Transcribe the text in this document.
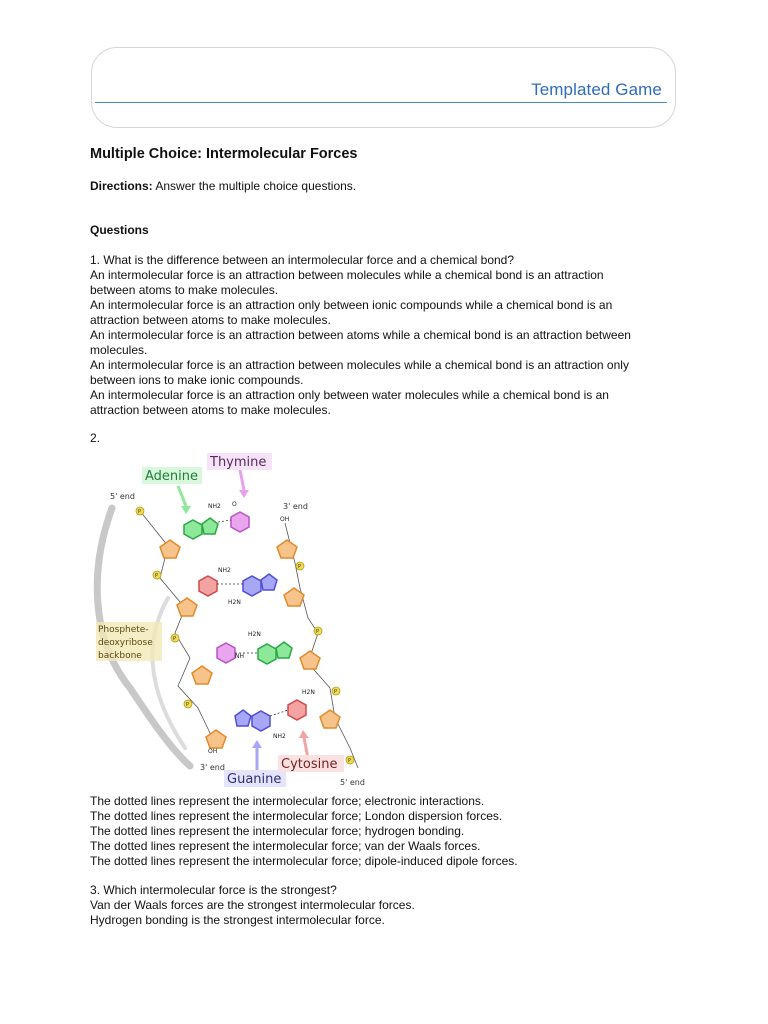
Templated Game
Multiple Choice: Intermolecular Forces
Directions: Answer the multiple choice questions.
Questions
1. What is the difference between an intermolecular force and a chemical bond?
An intermolecular force is an attraction between molecules while a chemical bond is an attraction
between atoms to make molecules.
An intermolecular force is an attraction only between ionic compounds while a chemical bond is an
attraction between atoms to make molecules.
An intermolecular force is an attraction between atoms while a chemical bond is an attraction between
molecules.
An intermolecular force is an attraction between molecules while a chemical bond is an attraction only
between ions to make ionic compounds.
An intermolecular force is an attraction only between water molecules while a chemical bond is an
attraction between atoms to make molecules.
2.
The dotted lines represent the intermolecular force; electronic interactions.
The dotted lines represent the intermolecular force; London dispersion forces.
The dotted lines represent the intermolecular force; hydrogen bonding.
The dotted lines represent the intermolecular force; van der Waals forces.
The dotted lines represent the intermolecular force; dipole-induced dipole forces.
3. Which intermolecular force is the strongest?
Van der Waals forces are the strongest intermolecular forces.
Hydrogen bonding is the strongest intermolecular force.
P
P
P
P
P
P
P
P
NH2 O
OH
NH2
H2N
H2N
NH
H2N
NH2
OH
Adenine
Thymine
Guanine
Cytosine
5' end
3' end
3' end
5' end
Phosphete-
deoxyribose
backbone
